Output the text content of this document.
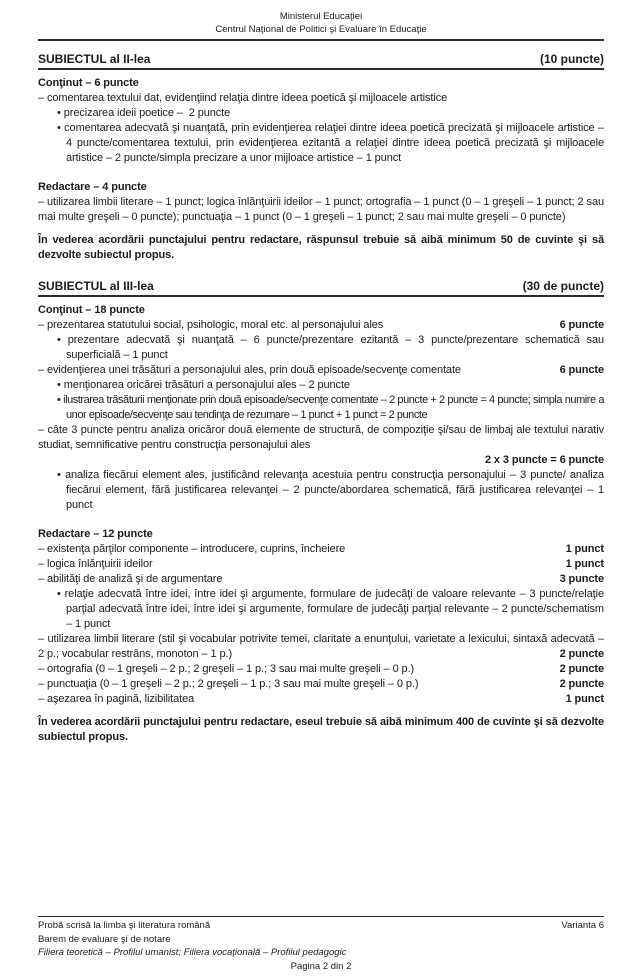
Ministerul Educaţiei
Centrul Naţional de Politici şi Evaluare în Educaţie
SUBIECTUL al II-lea	(10 puncte)

Conţinut – 6 puncte

– comentarea textului dat, evidenţiind relaţia dintre ideea poetică şi mijloacele artistice

• precizarea ideii poetice –  2 puncte

• comentarea adecvată şi nuanţată, prin evidenţierea relaţiei dintre ideea poetică precizată şi mijloacele artistice – 4 puncte/comentarea textului, prin evidenţierea ezitantă a relaţiei dintre ideea poetică precizată şi mijloacele artistice – 2 puncte/simpla precizare a unor mijloace artistice – 1 punct

Redactare – 4 puncte

– utilizarea limbii literare – 1 punct; logica înlănţuirii ideilor – 1 punct; ortografia – 1 punct (0 – 1 greşeli – 1 punct; 2 sau mai multe greşeli – 0 puncte); punctuaţia – 1 punct (0 – 1 greşeli – 1 punct; 2 sau mai multe greşeli – 0 puncte)

În vederea acordării punctajului pentru redactare, răspunsul trebuie să aibă minimum 50 de cuvinte şi să dezvolte subiectul propus.

SUBIECTUL al III-lea	(30 de puncte)

Conţinut – 18 puncte

– prezentarea statutului social, psihologic, moral etc. al personajului ales	6 puncte

• prezentare adecvată şi nuanţată – 6 puncte/prezentare ezitantă – 3 puncte/prezentare schematică sau superficială – 1 punct

– evidenţierea unei trăsături a personajului ales, prin două episoade/secvenţe comentate	6 puncte

• menţionarea oricărei trăsături a personajului ales – 2 puncte

• ilustrarea trăsăturii menţionate prin două episoade/secvenţe comentate – 2 puncte + 2 puncte = 4 puncte; simpla numire a unor episoade/secvenţe sau tendinţa de rezumare – 1 punct + 1 punct = 2 puncte

– câte 3 puncte pentru analiza oricăror două elemente de structură, de compoziţie şi/sau de limbaj ale textului narativ studiat, semnificative pentru construcţia personajului ales

2 x 3 puncte = 6 puncte

• analiza fiecărui element ales, justificând relevanţa acestuia pentru construcţia personajului – 3 puncte/ analiza fiecărui element, fără justificarea relevanţei – 2 puncte/abordarea schematică, fără justificarea relevanţei – 1 punct

Redactare – 12 puncte

– existenţa părţilor componente – introducere, cuprins, încheiere	1 punct

– logica înlănţuirii ideilor	1 punct

– abilităţi de analiză şi de argumentare	3 puncte

• relaţie adecvată între idei, între idei şi argumente, formulare de judecăţi de valoare relevante – 3 puncte/relaţie parţial adecvată între idei, între idei şi argumente, formulare de judecăţi parţial relevante – 2 puncte/schematism – 1 punct

– utilizarea limbii literare (stil şi vocabular potrivite temei, claritate a enunţului, varietate a lexicului, sintaxă adecvată – 2 p.; vocabular restrâns, monoton – 1 p.)	2 puncte

– ortografia (0 – 1 greşeli – 2 p.; 2 greşeli – 1 p.; 3 sau mai multe greşeli – 0 p.)	2 puncte

– punctuaţia (0 – 1 greşeli – 2 p.; 2 greşeli – 1 p.; 3 sau mai multe greşeli – 0 p.)	2 puncte

– aşezarea în pagină, lizibilitatea	1 punct

În vederea acordării punctajului pentru redactare, eseul trebuie să aibă minimum 400 de cuvinte şi să dezvolte subiectul propus.

Probă scrisă la limba şi literatura română	Varianta 6
Barem de evaluare şi de notare
Filiera teoretică – Profilul umanist; Filiera vocaţională – Profilul pedagogic
Pagina 2 din 2
